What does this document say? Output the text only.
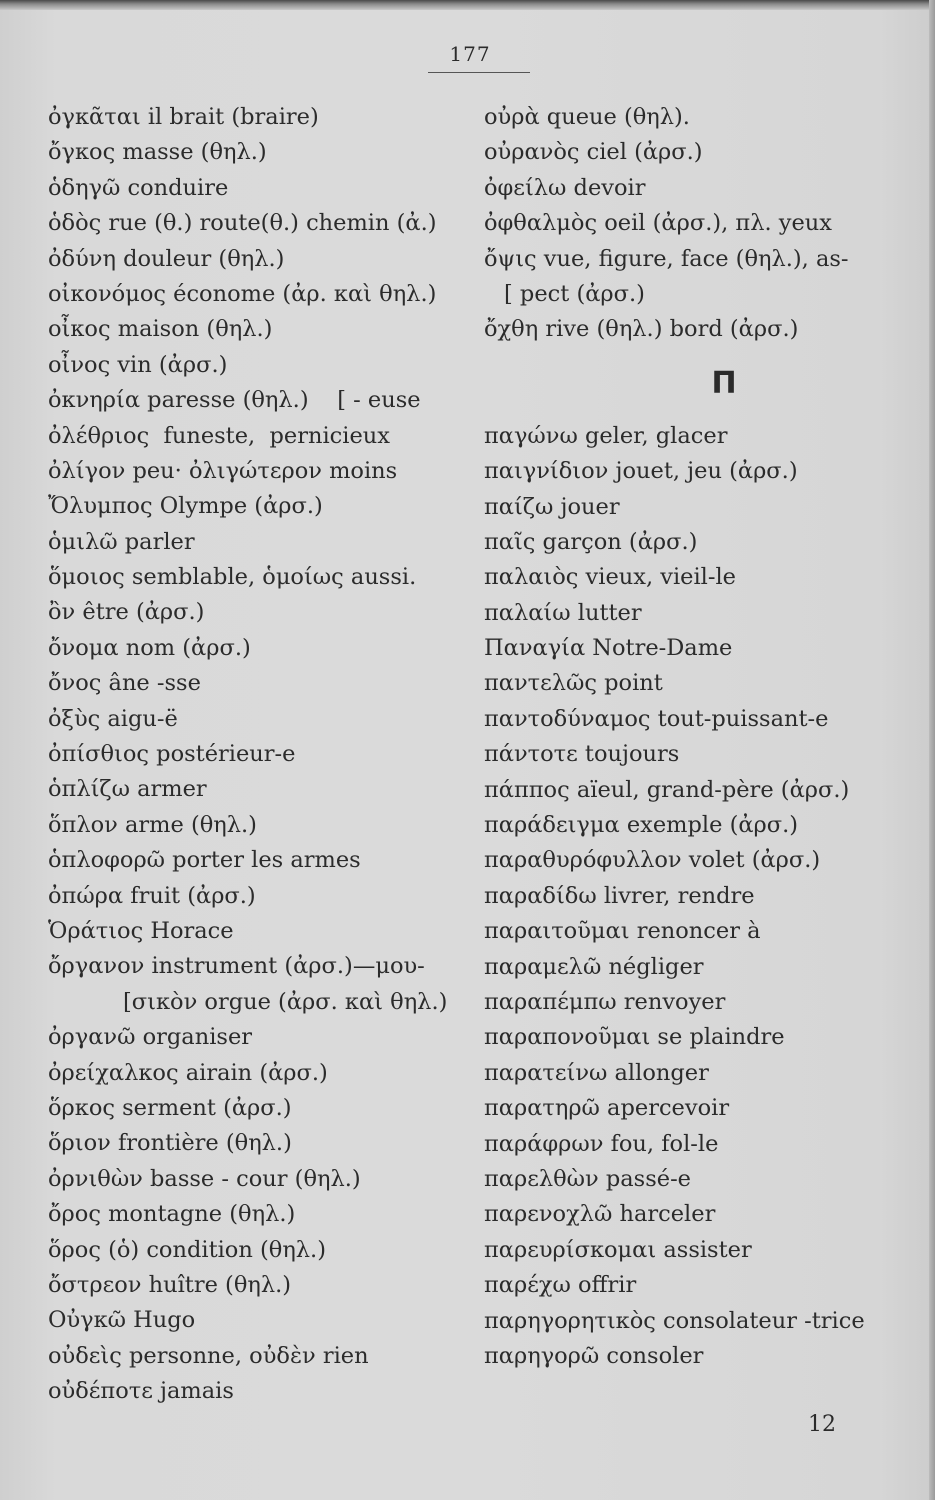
177
ὀγκᾶται il brait (braire)
ὄγκος masse (θηλ.)
ὁδηγῶ conduire
ὁδὸς rue (θ.) route(θ.) chemin (ἀ.)
ὀδύνη douleur (θηλ.)
οἰκονόμος économe (ἀρ. καὶ θηλ.)
οἶκος maison (θηλ.)
οἶνος vin (ἀρσ.)
ὀκνηρία paresse (θηλ.)    [ - euse
ὀλέθριος  funeste,  pernicieux
ὀλίγον peu· ὀλιγώτερον moins
Ὄλυμπος Olympe (ἀρσ.)
ὁμιλῶ parler
ὅμοιος semblable, ὁμοίως aussi.
ὂν être (ἀρσ.)
ὄνομα nom (ἀρσ.)
ὄνος âne -sse
ὀξὺς aigu-ë
ὀπίσθιος postérieur-e
ὁπλίζω armer
ὅπλον arme (θηλ.)
ὁπλοφορῶ porter les armes
ὀπώρα fruit (ἀρσ.)
Ὁράτιος Horace
ὄργανον instrument (ἀρσ.)—μου-
[σικὸν orgue (ἀρσ. καὶ θηλ.)
ὀργανῶ organiser
ὀρείχαλκος airain (ἀρσ.)
ὅρκος serment (ἀρσ.)
ὅριον frontière (θηλ.)
ὀρνιθὼν basse - cour (θηλ.)
ὄρος montagne (θηλ.)
ὅρος (ὁ) condition (θηλ.)
ὄστρεον huître (θηλ.)
Οὐγκῶ Hugo
οὐδεὶς personne, οὐδὲν rien
οὐδέποτε jamais
οὐρὰ queue (θηλ).
οὐρανὸς ciel (ἀρσ.)
ὀφείλω devoir
ὀφθαλμὸς oeil (ἀρσ.), πλ. yeux
ὄψις vue, figure, face (θηλ.), as-
[ pect (ἀρσ.)
ὄχθη rive (θηλ.) bord (ἀρσ.)
Π
παγώνω geler, glacer
παιγνίδιον jouet, jeu (ἀρσ.)
παίζω jouer
παῖς garçon (ἀρσ.)
παλαιὸς vieux, vieil-le
παλαίω lutter
Παναγία Notre-Dame
παντελῶς point
παντοδύναμος tout-puissant-e
πάντοτε toujours
πάππος aïeul, grand-père (ἀρσ.)
παράδειγμα exemple (ἀρσ.)
παραθυρόφυλλον volet (ἀρσ.)
παραδίδω livrer, rendre
παραιτοῦμαι renoncer à
παραμελῶ négliger
παραπέμπω renvoyer
παραπονοῦμαι se plaindre
παρατείνω allonger
παρατηρῶ apercevoir
παράφρων fou, fol-le
παρελθὼν passé-e
παρενοχλῶ harceler
παρευρίσκομαι assister
παρέχω offrir
παρηγορητικὸς consolateur -trice
παρηγορῶ consoler
12
